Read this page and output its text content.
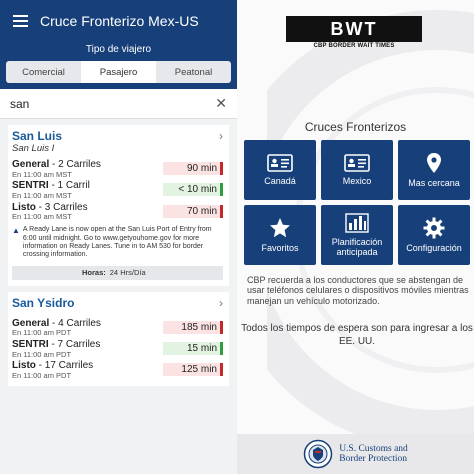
Cruce Fronterizo Mex-US
Tipo de viajero
Comercial	Pasajero	Peatonal
san	✕
San Luis	›
San Luis I
General - 2 Carriles
En 11:00 am MST	90 min
SENTRI - 1 Carril
En 11:00 am MST	< 10 min
Listo - 3 Carriles
En 11:00 am MST	70 min
▲ A Ready Lane is now open at the San Luis Port of Entry from 6:00 until midnight. Go to www.getyouhome.gov for more information on Ready Lanes. Tune in to AM 530 for border crossing information.
Horas: 24 Hrs/Día
San Ysidro	›
General - 4 Carriles
En 11:00 am PDT	185 min
SENTRI - 7 Carriles
En 11:00 am PDT	15 min
Listo - 17 Carriles
En 11:00 am PDT	125 min
BWT
CBP BORDER WAIT TIMES
Cruces Fronterizos
Canadá	Mexico	Mas cercana
Favoritos
Planificación anticipada	Configuración
CBP recuerda a los conductores que se abstengan de usar teléfonos celulares o dispositivos móviles mientras manejan un vehículo motorizado.
Todos los tiempos de espera son para ingresar a los EE. UU.
U.S. Customs and
Border Protection
